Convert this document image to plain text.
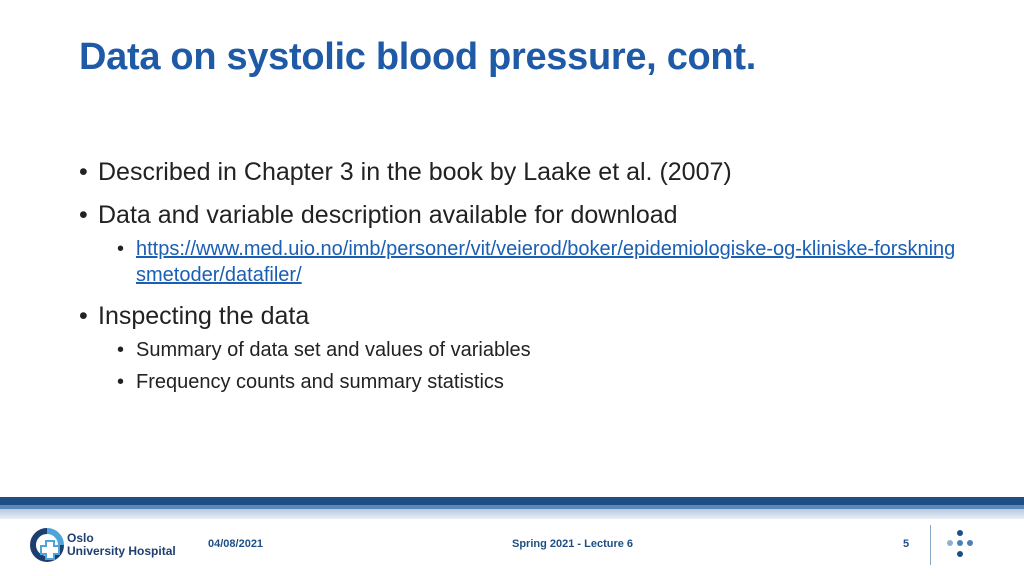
Data on systolic blood pressure, cont.
• Described in Chapter 3 in the book by Laake et al. (2007)
• Data and variable description available for download
• https://www.med.uio.no/imb/personer/vit/veierod/boker/epidemiologiske-og-kliniske-forskningsmetoder/datafiler/
• Inspecting the data
• Summary of data set and values of variables
• Frequency counts and summary statistics
Oslo
University Hospital	04/08/2021	Spring 2021 - Lecture 6	5
